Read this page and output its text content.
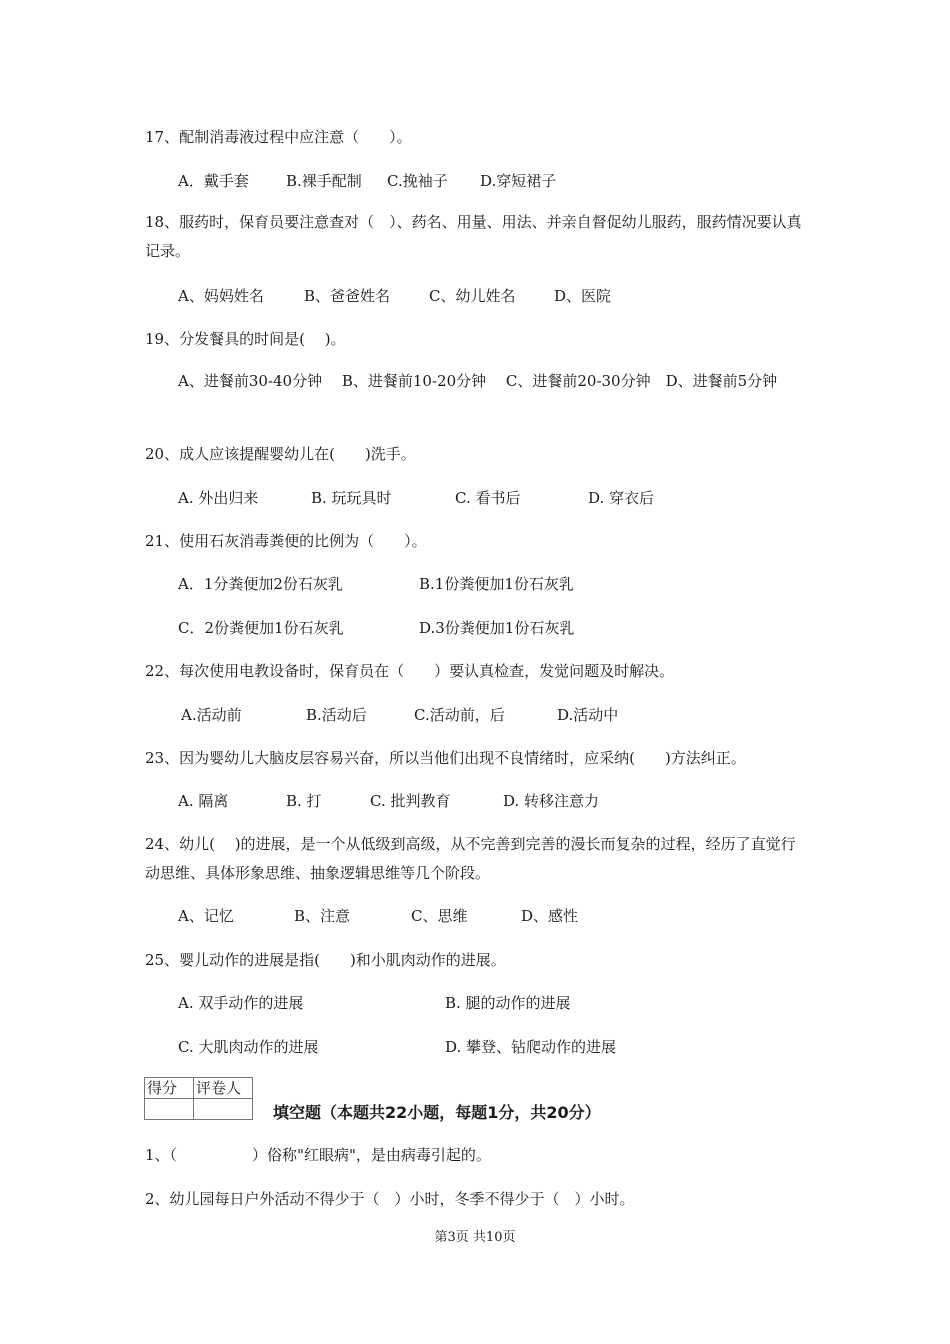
17、配制消毒液过程中应注意（　　）。
A．戴手套 B.裸手配制 C.挽袖子 D.穿短裙子
18、服药时，保育员要注意查对（　）、药名、用量、用法、并亲自督促幼儿服药，服药情况要认真记录。
A、妈妈姓名	B、爸爸姓名	C、幼儿姓名	D、医院
19、分发餐具的时间是(　 )。
A、进餐前30-40分钟　 B、进餐前10-20分钟　 C、进餐前20-30分钟　D、进餐前5分钟
20、成人应该提醒婴幼儿在(　　)洗手。
A. 外出归来	B. 玩玩具时	C. 看书后	D. 穿衣后
21、使用石灰消毒粪便的比例为（　　）。
A．1分粪便加2份石灰乳	B.1份粪便加1份石灰乳
C．2份粪便加1份石灰乳	D.3份粪便加1份石灰乳
22、每次使用电教设备时，保育员在（　　）要认真检查，发觉问题及时解决。
A.活动前	B.活动后	C.活动前，后	D.活动中
23、因为婴幼儿大脑皮层容易兴奋，所以当他们出现不良情绪时，应采纳(　　)方法纠正。
A. 隔离	B. 打	C. 批判教育	D. 转移注意力
24、幼儿(　 )的进展，是一个从低级到高级，从不完善到完善的漫长而复杂的过程，经历了直觉行动思维、具体形象思维、抽象逻辑思维等几个阶段。
A、记忆	B、注意	C、思维	D、感性
25、婴儿动作的进展是指(　　)和小肌肉动作的进展。
A. 双手动作的进展	B. 腿的动作的进展
C. 大肌肉动作的进展	D. 攀登、钻爬动作的进展
得分	评卷人

填空题（本题共22小题，每题1分，共20分）
1、（　　　　　）俗称"红眼病"，是由病毒引起的。
2、幼儿园每日户外活动不得少于（　）小时，冬季不得少于（　）小时。
第3页 共10页
